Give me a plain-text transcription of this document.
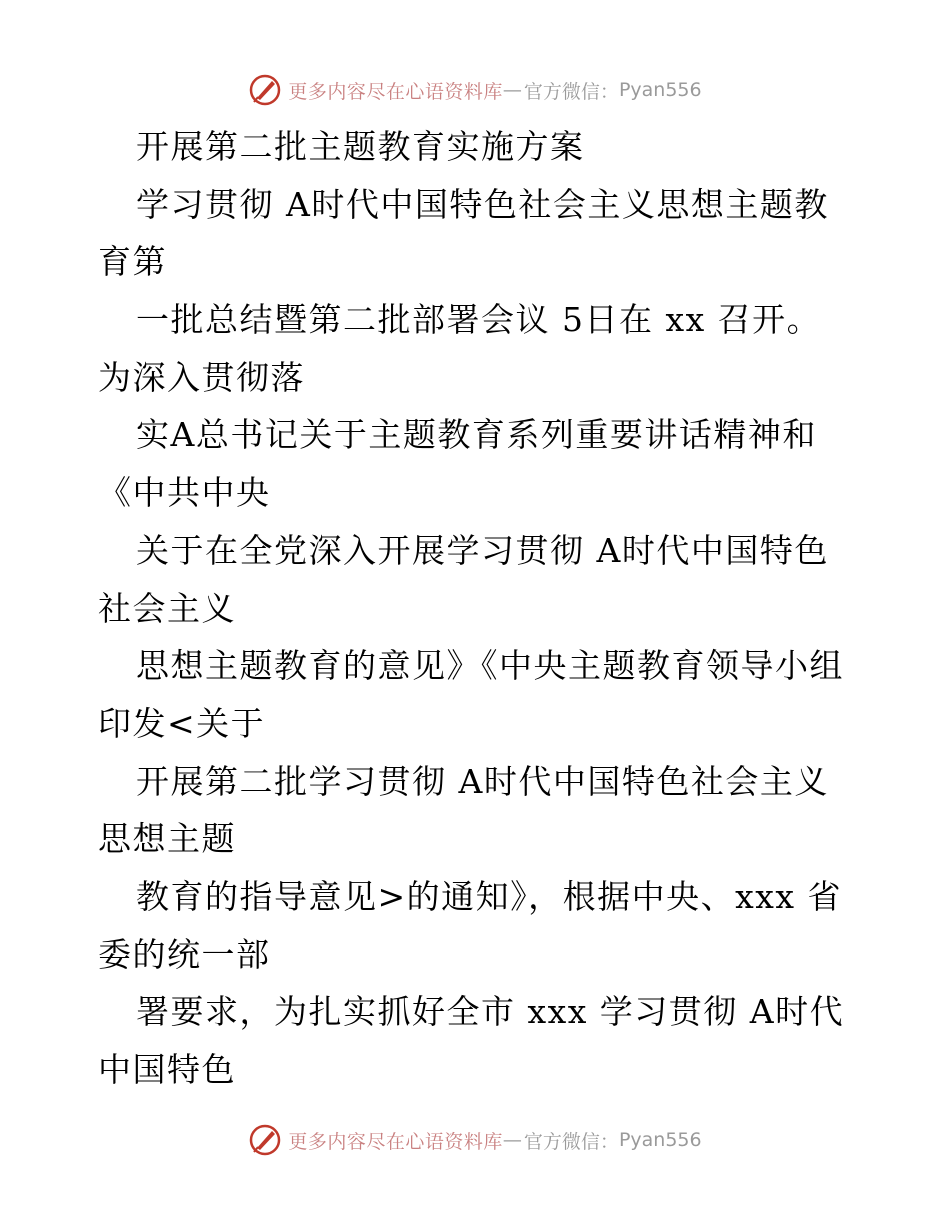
更多内容尽在心语资料库 — 官方微信： Pyan556
开展第二批主题教育实施方案
学习贯彻 A时代中国特色社会主义思想主题教
育第
一批总结暨第二批部署会议 5日在 xx 召开。
为深入贯彻落
实A总书记关于主题教育系列重要讲话精神和
《中共中央
关于在全党深入开展学习贯彻 A时代中国特色
社会主义
思想主题教育的意见》《中央主题教育领导小组
印发<关于
开展第二批学习贯彻 A时代中国特色社会主义
思想主题
教育的指导意见>的通知》，根据中央、xxx 省
委的统一部
署要求，为扎实抓好全市 xxx 学习贯彻 A时代
中国特色
更多内容尽在心语资料库 — 官方微信： Pyan556
